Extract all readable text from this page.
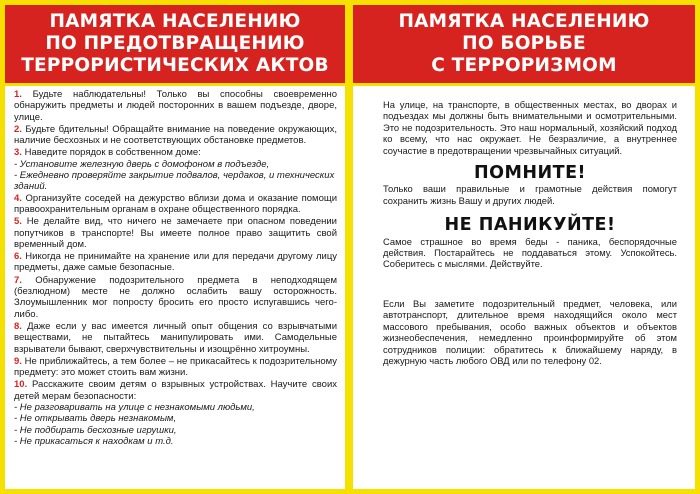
ПАМЯТКА НАСЕЛЕНИЮ
ПО ПРЕДОТВРАЩЕНИЮ
ТЕРРОРИСТИЧЕСКИХ АКТОВ

1. Будьте наблюдательны! Только вы способны своевременно обнаружить предметы и людей посторонних в вашем подъезде, дворе, улице.

2. Будьте бдительны! Обращайте внимание на поведение окружающих, наличие бесхозных и не соответствующих обстановке предметов.

3. Наведите порядок в собственном доме:

- Установите железную дверь с домофоном в подъезде,

- Ежедневно проверяйте закрытие подвалов, чердаков, и технических зданий.

4. Организуйте соседей на дежурство вблизи дома и оказание помощи правоохранительным органам в охране общественного порядка.

5. Не делайте вид, что ничего не замечаете при опасном поведении попутчиков в транспорте! Вы имеете полное право защитить свой временный дом.

6. Никогда не принимайте на хранение или для передачи другому лицу предметы, даже самые безопасные.

7. Обнаружение подозрительного предмета в неподходящем (безлюдном) месте не должно ослабить вашу осторожность. Злоумышленник мог попросту бросить его просто испугавшись чего-либо.

8. Даже если у вас имеется личный опыт общения со взрывчатыми веществами, не пытайтесь манипулировать ими. Самодельные взрыватели бывают, сверхчувствительны и изощрённо хитроумны.

9. Не приближайтесь, а тем более – не прикасайтесь к подозрительному предмету: это может стоить вам жизни.

10. Расскажите своим детям о взрывных устройствах. Научите своих детей мерам безопасности:

- Не разговаривать на улице с незнакомыми людьми,

- Не открывать дверь незнакомым,

- Не подбирать бесхозные игрушки,

- Не прикасаться к находкам и т.д.

ПАМЯТКА НАСЕЛЕНИЮ
ПО БОРЬБЕ
С ТЕРРОРИЗМОМ

На улице, на транспорте, в общественных местах, во дворах и подъездах мы должны быть внимательными и осмотрительными. Это не подозрительность. Это наш нормальный, хозяйский подход ко всему, что нас окружает. Не безразличие, а внутреннее соучастие в предотвращении чрезвычайных ситуаций.

ПОМНИТЕ!

Только ваши правильные и грамотные действия помогут сохранить жизнь Вашу и других людей.

НЕ ПАНИКУЙТЕ!

Самое страшное во время беды - паника, беспорядочные действия. Постарайтесь не поддаваться этому. Успокойтесь. Соберитесь с мыслями. Действуйте.

Если Вы заметите подозрительный предмет, человека, или автотранспорт, длительное время находящийся около мест массового пребывания, особо важных объектов и объектов жизнеобеспечения, немедленно проинформируйте об этом сотрудников полиции: обратитесь к ближайшему наряду, в дежурную часть любого ОВД или по телефону 02.
